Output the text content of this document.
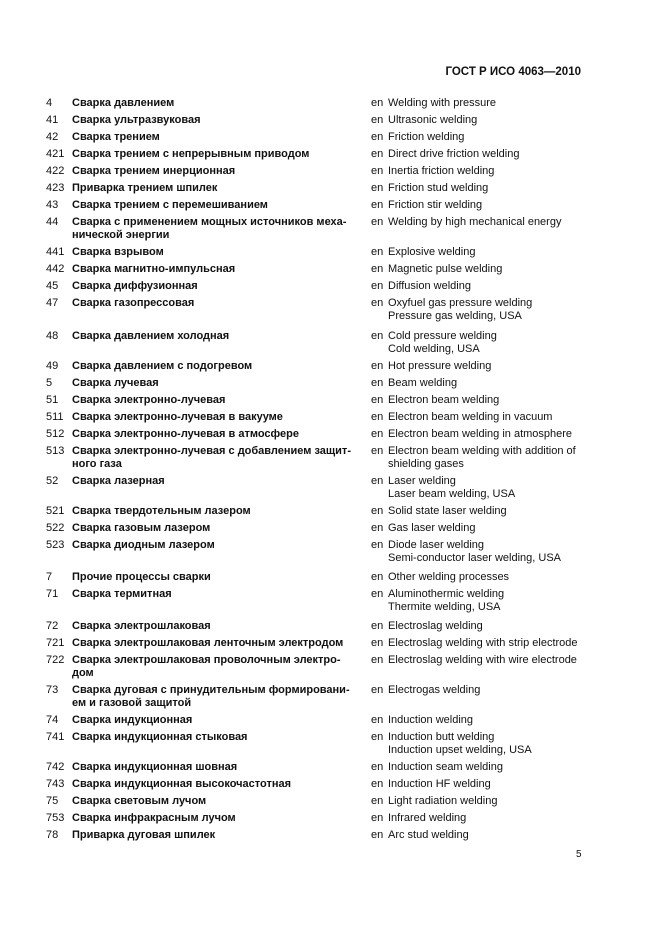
ГОСТ Р ИСО 4063—2010
4	Сварка давлением	en Welding with pressure
41	Сварка ультразвуковая	en Ultrasonic welding
42	Сварка трением	en Friction welding
421 Сварка трением с непрерывным приводом	en Direct drive friction welding
422 Сварка трением инерционная	en Inertia friction welding
423 Приварка трением шпилек	en Friction stud welding
43	Сварка трением с перемешиванием	en Friction stir welding
44	Сварка с применением мощных источников меха-
нической энергии
en Welding by high mechanical energy
441 Сварка взрывом	en Explosive welding
442 Сварка магнитно-импульсная	en Magnetic pulse welding
45	Сварка диффузионная	en Diffusion welding
47	Сварка газопрессовая	en Oxyfuel gas pressure welding
Pressure gas welding, USA
48	Сварка давлением холодная	en Cold pressure welding
Cold welding, USA
49	Сварка давлением с подогревом	en Hot pressure welding
5	Сварка лучевая	en Beam welding
51	Сварка электронно-лучевая	en Electron beam welding
511 Сварка электронно-лучевая в вакууме	en Electron beam welding in vacuum
512 Сварка электронно-лучевая в атмосфере	en Electron beam welding in atmosphere
513 Сварка электронно-лучевая с добавлением защит-
ного газа
en Electron beam welding with addition of
shielding gases
52	Сварка лазерная	en Laser welding
Laser beam welding, USA
521 Сварка твердотельным лазером	en Solid state laser welding
522 Сварка газовым лазером	en Gas laser welding
523 Сварка диодным лазером	en Diode laser welding
Semi-conductor laser welding, USA
7	Прочие процессы сварки	en Other welding processes
71	Сварка термитная	en Aluminothermic welding
Thermite welding, USA
72	Сварка электрошлаковая	en Electroslag welding
721 Сварка электрошлаковая ленточным электродом	en Electroslag welding with strip electrode
722 Сварка электрошлаковая проволочным электро-
дом
en Electroslag welding with wire electrode
73	Сварка дуговая с принудительным формировани-
ем и газовой защитой
en Electrogas welding
74	Сварка индукционная	en Induction welding
741 Сварка индукционная стыковая	en Induction butt welding
Induction upset welding, USA
742 Сварка индукционная шовная	en Induction seam welding
743 Сварка индукционная высокочастотная	en Induction HF welding
75	Сварка световым лучом	en Light radiation welding
753 Сварка инфракрасным лучом	en Infrared welding
78	Приварка дуговая шпилек	en Arc stud welding
5
